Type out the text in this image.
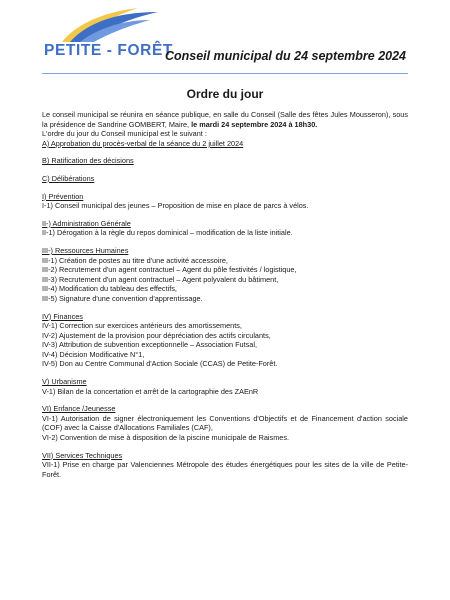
PETITE - FORÊT
Conseil municipal du 24 septembre 2024
Ordre du jour

Le conseil municipal se réunira en séance publique, en salle du Conseil (Salle des fêtes Jules Mousseron), sous la présidence de Sandrine GOMBERT, Maire, le mardi 24 septembre 2024 à 18h30.

L'ordre du jour du Conseil municipal est le suivant :

A) Approbation du procès-verbal de la séance du 2 juillet 2024

B) Ratification des décisions

C) Délibérations

I) Prévention

I-1) Conseil municipal des jeunes – Proposition de mise en place de parcs à vélos.

II-) Administration Générale

II-1) Dérogation à la règle du repos dominical – modification de la liste initiale.

III-) Ressources Humaines

III-1) Création de postes au titre d'une activité accessoire,

III-2) Recrutement d'un agent contractuel – Agent du pôle festivités / logistique,

III-3) Recrutement d'un agent contractuel – Agent polyvalent du bâtiment,

III-4) Modification du tableau des effectifs,

III-5) Signature d'une convention d'apprentissage.

IV) Finances

IV-1) Correction sur exercices antérieurs des amortissements,

IV-2) Ajustement de la provision pour dépréciation des actifs circulants,

IV-3) Attribution de subvention exceptionnelle – Association Futsal,

IV-4) Décision Modificative N°1,

IV-5) Don au Centre Communal d'Action Sociale (CCAS) de Petite-Forêt.

V) Urbanisme

V-1) Bilan de la concertation et arrêt de la cartographie des ZAEnR

VI) Enfance /Jeunesse

VI-1) Autorisation de signer électroniquement les Conventions d'Objectifs et de Financement d'action sociale (COF) avec la Caisse d'Allocations Familiales (CAF),

VI-2) Convention de mise à disposition de la piscine municipale de Raismes.

VII) Services Techniques

VII-1) Prise en charge par Valenciennes Métropole des études énergétiques pour les sites de la ville de Petite-Forêt.
